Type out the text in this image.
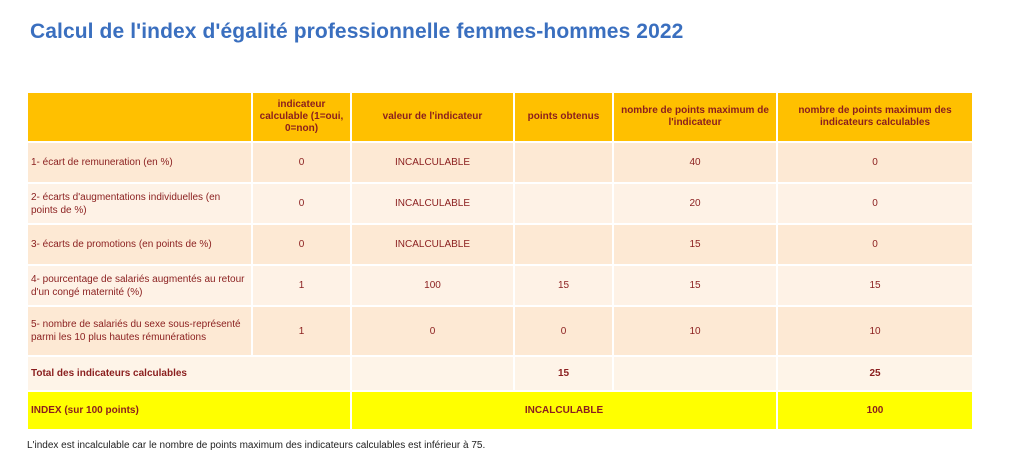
Calcul de l'index d'égalité professionnelle femmes-hommes 2022
	indicateur calculable (1=oui, 0=non)	valeur de l'indicateur	points obtenus	nombre de points maximum de l'indicateur	nombre de points maximum des indicateurs calculables
1- écart de remuneration (en %)	0	INCALCULABLE		40	0
2- écarts d'augmentations individuelles (en points de %)	0	INCALCULABLE		20	0
3- écarts de promotions (en points de %)	0	INCALCULABLE		15	0
4- pourcentage de salariés augmentés au retour d'un congé maternité (%)	1	100	15	15	15
5- nombre de salariés du sexe sous-représenté parmi les 10 plus hautes rémunérations	1	0	0	10	10
Total des indicateurs calculables			15		25
INDEX (sur 100 points)		INCALCULABLE			100
L'index est incalculable car le nombre de points maximum des indicateurs calculables est inférieur à 75.
